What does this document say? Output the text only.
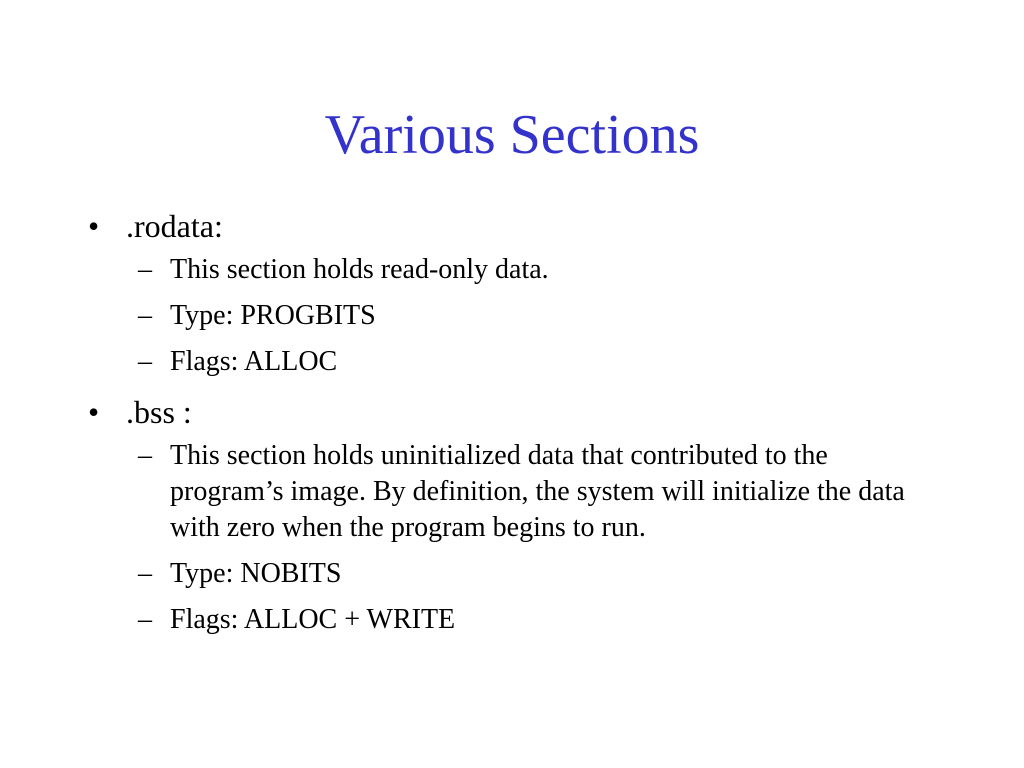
Various Sections
• .rodata:
– This section holds read-only data.
– Type: PROGBITS
– Flags: ALLOC
• .bss :
– This section holds uninitialized data that contributed to the program’s image. By definition, the system will initialize the data with zero when the program begins to run.
– Type: NOBITS
– Flags: ALLOC + WRITE
